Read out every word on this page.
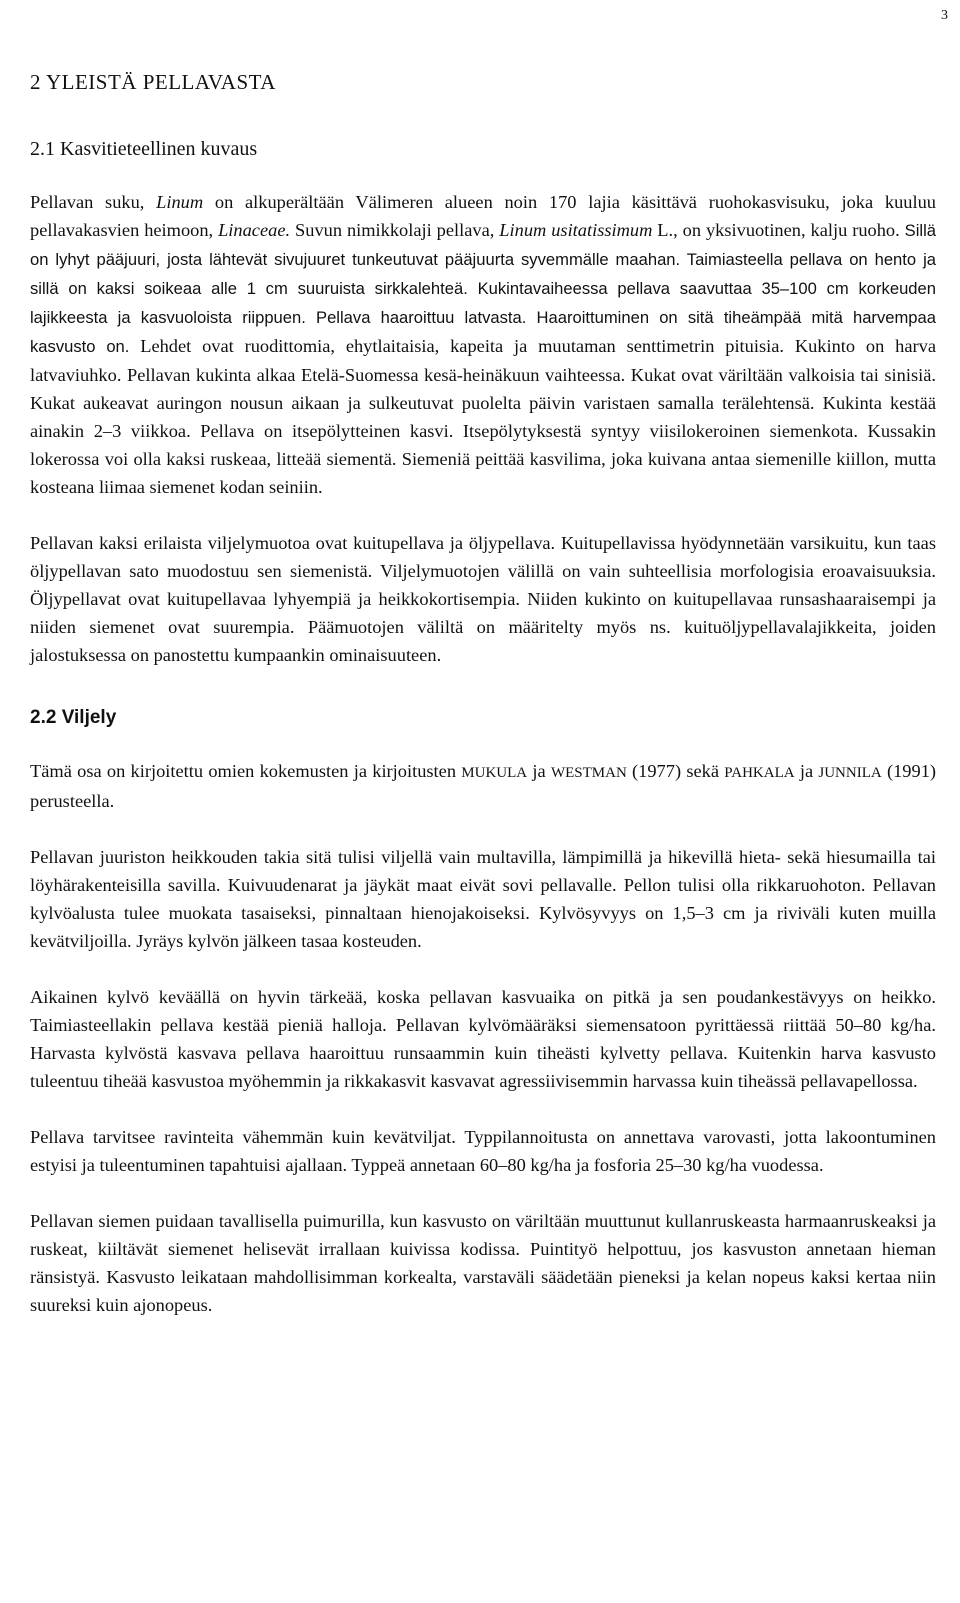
3

2 YLEISTÄ PELLAVASTA
2.1 Kasvitieteellinen kuvaus

Pellavan suku, Linum on alkuperältään Välimeren alueen noin 170 lajia käsittävä ruohokasvisuku, joka kuuluu pellavakasvien heimoon, Linaceae. Suvun nimikkolaji pellava, Linum usitatissimum L., on yksivuotinen, kalju ruoho. Sillä on lyhyt pääjuuri, josta lähtevät sivujuuret tunkeutuvat pääjuurta syvemmälle maahan. Taimiasteella pellava on hento ja sillä on kaksi soikeaa alle 1 cm suuruista sirkkalehteä. Kukintavaiheessa pellava saavuttaa 35–100 cm korkeuden lajikkeesta ja kasvuoloista riippuen. Pellava haaroittuu latvasta. Haaroittuminen on sitä tiheämpää mitä harvempaa kasvusto on. Lehdet ovat ruodittomia, ehytlaitaisia, kapeita ja muutaman senttimetrin pituisia. Kukinto on harva latvaviuhko. Pellavan kukinta alkaa Etelä-Suomessa kesä-heinäkuun vaihteessa. Kukat ovat väriltään valkoisia tai sinisiä. Kukat aukeavat auringon nousun aikaan ja sulkeutuvat puolelta päivin varistaen samalla terälehtensä. Kukinta kestää ainakin 2–3 viikkoa. Pellava on itsepölytteinen kasvi. Itsepölytyksestä syntyy viisilokeroinen siemenkota. Kussakin lokerossa voi olla kaksi ruskeaa, litteää siementä. Siemeniä peittää kasvilima, joka kuivana antaa siemenille kiillon, mutta kosteana liimaa siemenet kodan seiniin.

Pellavan kaksi erilaista viljelymuotoa ovat kuitupellava ja öljypellava. Kuitupellavissa hyödynnetään varsikuitu, kun taas öljypellavan sato muodostuu sen siemenistä. Viljelymuotojen välillä on vain suhteellisia morfologisia eroavaisuuksia. Öljypellavat ovat kuitupellavaa lyhyempiä ja heikkokortisempia. Niiden kukinto on kuitupellavaa runsashaaraisempi ja niiden siemenet ovat suurempia. Päämuotojen väliltä on määritelty myös ns. kuituöljypellavalajikkeita, joiden jalostuksessa on panostettu kumpaankin ominaisuuteen.

2.2 Viljely

Tämä osa on kirjoitettu omien kokemusten ja kirjoitusten MUKULA ja WESTMAN (1977) sekä PAHKALA ja JUNNILA (1991) perusteella.

Pellavan juuriston heikkouden takia sitä tulisi viljellä vain multavilla, lämpimillä ja hikevillä hieta- sekä hiesumailla tai löyhärakenteisilla savilla. Kuivuudenarat ja jäykät maat eivät sovi pellavalle. Pellon tulisi olla rikkaruohoton. Pellavan kylvöalusta tulee muokata tasaiseksi, pinnaltaan hienojakoiseksi. Kylvösyvyys on 1,5–3 cm ja riviväli kuten muilla kevätviljoilla. Jyräys kylvön jälkeen tasaa kosteuden.

Aikainen kylvö keväällä on hyvin tärkeää, koska pellavan kasvuaika on pitkä ja sen poudankestävyys on heikko. Taimiasteellakin pellava kestää pieniä halloja. Pellavan kylvömääräksi siemensatoon pyrittäessä riittää 50–80 kg/ha. Harvasta kylvöstä kasvava pellava haaroittuu runsaammin kuin tiheästi kylvetty pellava. Kuitenkin harva kasvusto tuleentuu tiheää kasvustoa myöhemmin ja rikkakasvit kasvavat agressiivisemmin harvassa kuin tiheässä pellavapellossa.

Pellava tarvitsee ravinteita vähemmän kuin kevätviljat. Typpilannoitusta on annettava varovasti, jotta lakoontuminen estyisi ja tuleentuminen tapahtuisi ajallaan. Typpeä annetaan 60–80 kg/ha ja fosforia 25–30 kg/ha vuodessa.

Pellavan siemen puidaan tavallisella puimurilla, kun kasvusto on väriltään muuttunut kullanruskeasta harmaanruskeaksi ja ruskeat, kiiltävät siemenet helisevät irrallaan kuivissa kodissa. Puintityö helpottuu, jos kasvuston annetaan hieman ränsistyä. Kasvusto leikataan mahdollisimman korkealta, varstaväli säädetään pieneksi ja kelan nopeus kaksi kertaa niin suureksi kuin ajonopeus.
